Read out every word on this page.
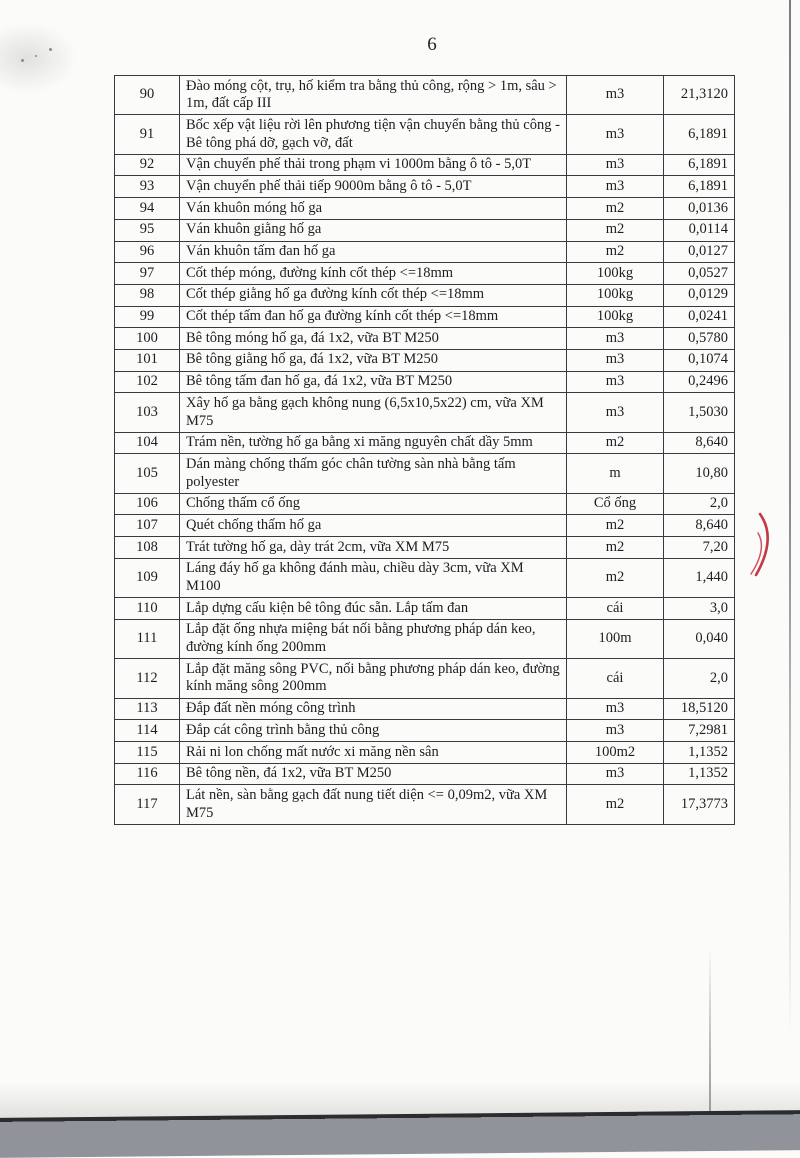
6
90	Đào móng cột, trụ, hố kiểm tra bằng thủ công, rộng > 1m, sâu > 1m, đất cấp III	m3	21,3120
91	Bốc xếp vật liệu rời lên phương tiện vận chuyển bằng thủ công - Bê tông phá dỡ, gạch vỡ, đất	m3	6,1891
92	Vận chuyển phế thải trong phạm vi 1000m bằng ô tô - 5,0T	m3	6,1891
93	Vận chuyển phế thải tiếp 9000m bằng ô tô - 5,0T	m3	6,1891
94	Ván khuôn móng hố ga	m2	0,0136
95	Ván khuôn giằng hố ga	m2	0,0114
96	Ván khuôn tấm đan hố ga	m2	0,0127
97	Cốt thép móng, đường kính cốt thép <=18mm	100kg	0,0527
98	Cốt thép giằng hố ga đường kính cốt thép <=18mm	100kg	0,0129
99	Cốt thép tấm đan hố ga đường kính cốt thép <=18mm	100kg	0,0241
100	Bê tông móng hố ga, đá 1x2, vữa BT M250	m3	0,5780
101	Bê tông giằng hố ga, đá 1x2, vữa BT M250	m3	0,1074
102	Bê tông tấm đan hố ga, đá 1x2, vữa BT M250	m3	0,2496
103	Xây hố ga bằng gạch không nung (6,5x10,5x22) cm, vữa XM M75	m3	1,5030
104	Trám nền, tường hố ga bằng xi măng nguyên chất dầy 5mm	m2	8,640
105	Dán màng chống thấm góc chân tường sàn nhà bằng tấm polyester	m	10,80
106	Chống thấm cổ ống	Cổ ống	2,0
107	Quét chống thấm hố ga	m2	8,640
108	Trát tường hố ga, dày trát 2cm, vữa XM M75	m2	7,20
109	Láng đáy hố ga không đánh màu, chiều dày 3cm, vữa XM M100	m2	1,440
110	Lắp dựng cấu kiện bê tông đúc sẵn. Lắp tấm đan	cái	3,0
111	Lắp đặt ống nhựa miệng bát nối bằng phương pháp dán keo, đường kính ống 200mm	100m	0,040
112	Lắp đặt măng sông PVC, nối bằng phương pháp dán keo, đường kính măng sông 200mm	cái	2,0
113	Đắp đất nền móng công trình	m3	18,5120
114	Đắp cát công trình bằng thủ công	m3	7,2981
115	Rải ni lon chống mất nước xi măng nền sân	100m2	1,1352
116	Bê tông nền, đá 1x2, vữa BT M250	m3	1,1352
117	Lát nền, sàn bằng gạch đất nung tiết diện <= 0,09m2, vữa XM M75	m2	17,3773
